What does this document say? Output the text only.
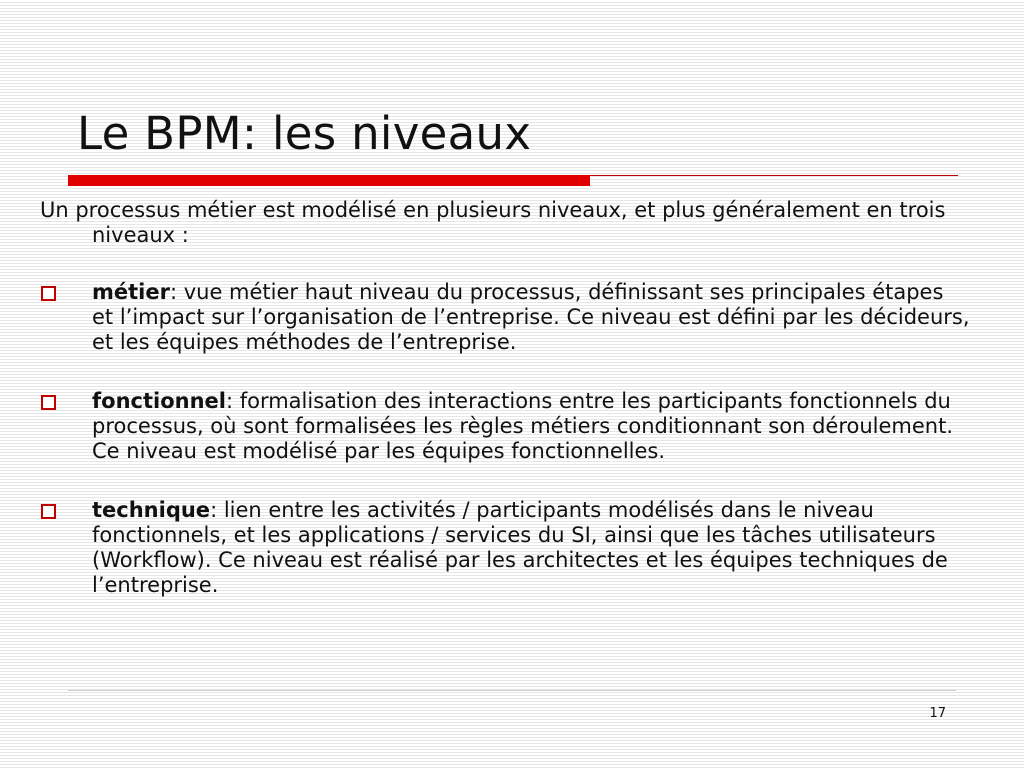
Le BPM: les niveaux

Un processus métier est modélisé en plusieurs niveaux, et plus généralement en trois niveaux :

métier: vue métier haut niveau du processus, définissant ses principales étapes et l’impact sur l’organisation de l’entreprise. Ce niveau est défini par les décideurs, et les équipes méthodes de l’entreprise.
fonctionnel: formalisation des interactions entre les participants fonctionnels du processus, où sont formalisées les règles métiers conditionnant son déroulement. Ce niveau est modélisé par les équipes fonctionnelles.
technique: lien entre les activités / participants modélisés dans le niveau fonctionnels, et les applications / services du SI, ainsi que les tâches utilisateurs (Workflow). Ce niveau est réalisé par les architectes et les équipes techniques de l’entreprise.
17
